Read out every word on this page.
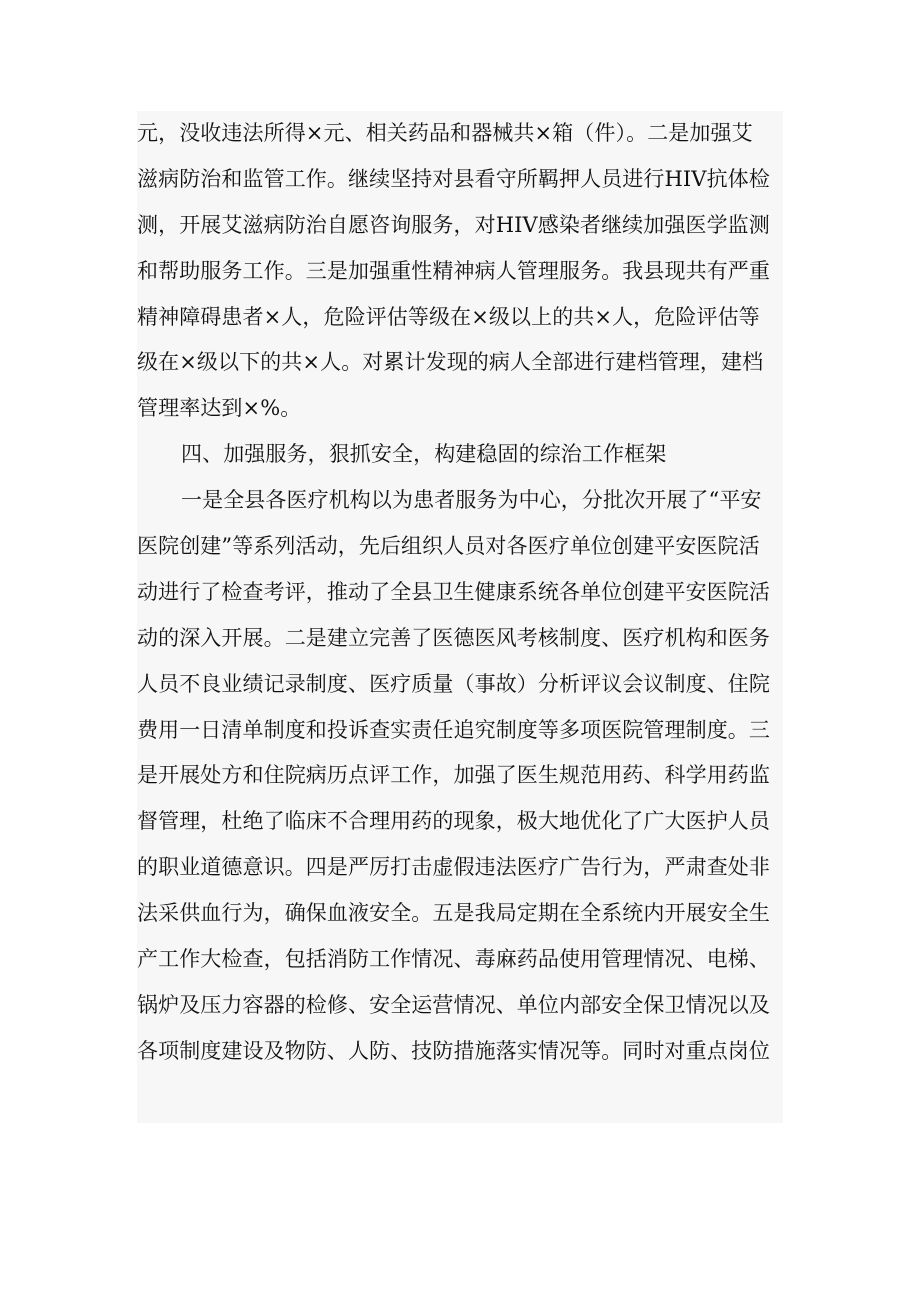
元，没收违法所得×元、相关药品和器械共×箱（件）。二是加强艾
滋病防治和监管工作。继续坚持对县看守所羁押人员进行HIV抗体检
测，开展艾滋病防治自愿咨询服务，对HIV感染者继续加强医学监测
和帮助服务工作。三是加强重性精神病人管理服务。我县现共有严重
精神障碍患者×人，危险评估等级在×级以上的共×人，危险评估等
级在×级以下的共×人。对累计发现的病人全部进行建档管理，建档
管理率达到×%。
四、加强服务，狠抓安全，构建稳固的综治工作框架
一是全县各医疗机构以为患者服务为中心，分批次开展了“平安
医院创建”等系列活动，先后组织人员对各医疗单位创建平安医院活
动进行了检查考评，推动了全县卫生健康系统各单位创建平安医院活
动的深入开展。二是建立完善了医德医风考核制度、医疗机构和医务
人员不良业绩记录制度、医疗质量（事故）分析评议会议制度、住院
费用一日清单制度和投诉查实责任追究制度等多项医院管理制度。三
是开展处方和住院病历点评工作，加强了医生规范用药、科学用药监
督管理，杜绝了临床不合理用药的现象，极大地优化了广大医护人员
的职业道德意识。四是严厉打击虚假违法医疗广告行为，严肃查处非
法采供血行为，确保血液安全。五是我局定期在全系统内开展安全生
产工作大检查，包括消防工作情况、毒麻药品使用管理情况、电梯、
锅炉及压力容器的检修、安全运营情况、单位内部安全保卫情况以及
各项制度建设及物防、人防、技防措施落实情况等。同时对重点岗位
